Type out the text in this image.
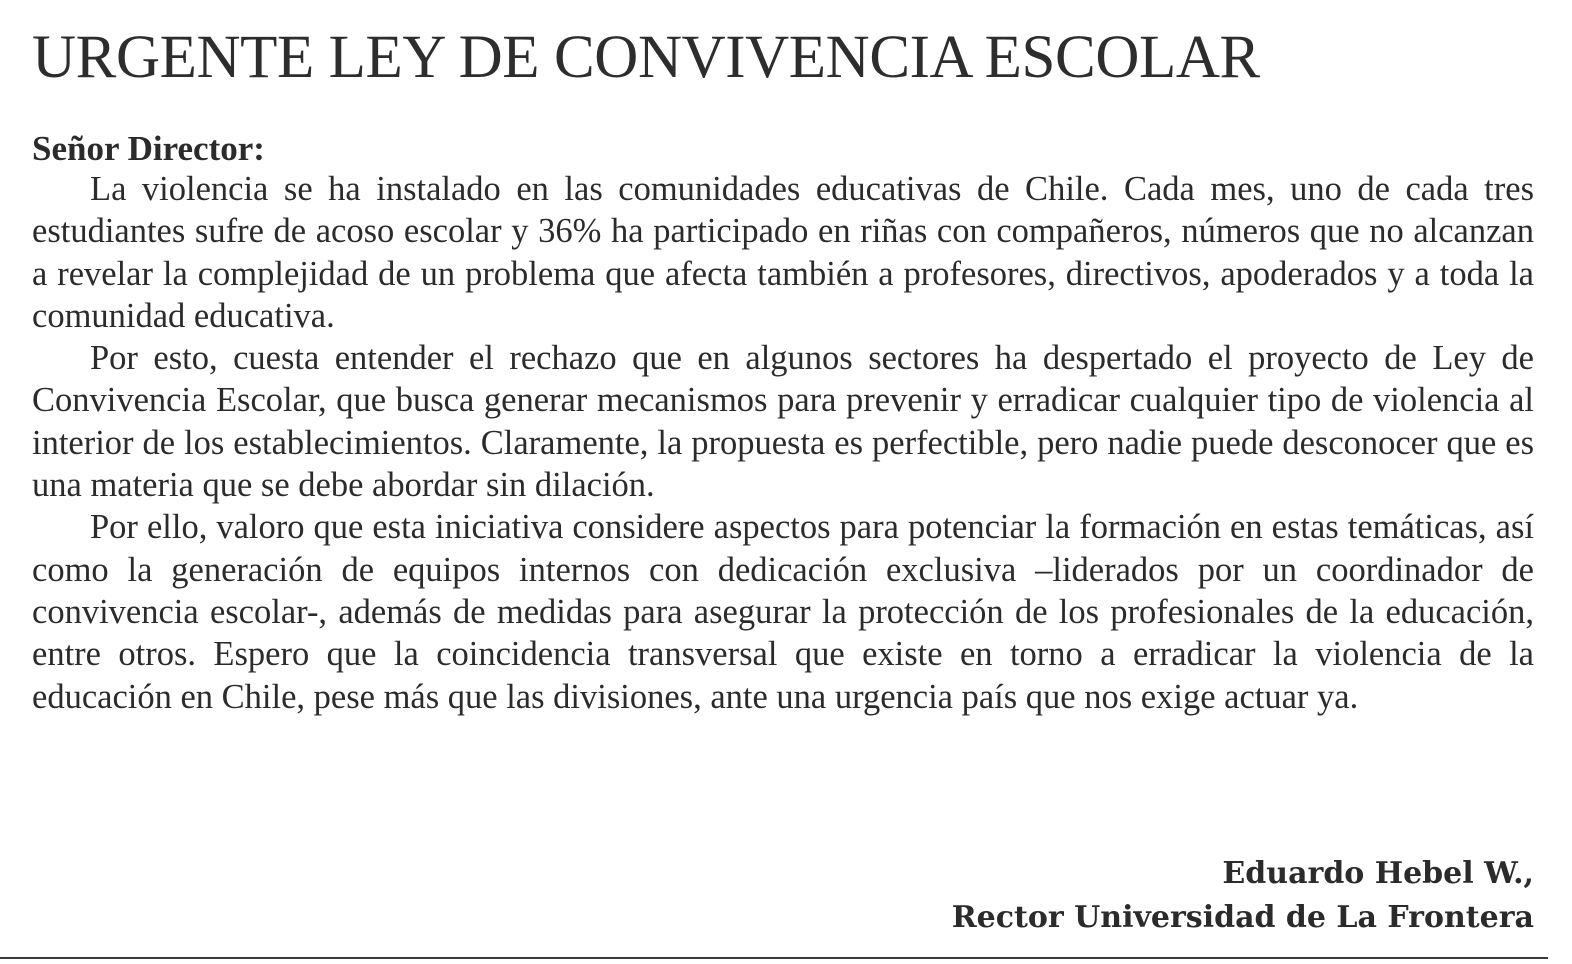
URGENTE LEY DE CONVIVENCIA ESCOLAR

Señor Director:

La violencia se ha instalado en las comunidades educativas de Chile. Cada mes, uno de cada tres estudiantes sufre de acoso escolar y 36% ha participado en riñas con compañeros, números que no alcanzan a revelar la complejidad de un problema que afecta también a profesores, directivos, apoderados y a toda la comunidad educativa.

Por esto, cuesta entender el rechazo que en algunos sectores ha despertado el proyecto de Ley de Convivencia Escolar, que busca generar mecanismos para prevenir y erradicar cualquier tipo de violencia al interior de los establecimientos. Claramente, la propuesta es perfectible, pero nadie puede desconocer que es una materia que se debe abordar sin dilación.

Por ello, valoro que esta iniciativa considere aspectos para potenciar la formación en estas temáticas, así como la generación de equipos internos con dedicación exclusiva –liderados por un coordinador de convivencia escolar-, además de medidas para asegurar la protección de los profesionales de la educación, entre otros. Espero que la coincidencia transversal que existe en torno a erradicar la violencia de la educación en Chile, pese más que las divisiones, ante una urgencia país que nos exige actuar ya.

Eduardo Hebel W.,
Rector Universidad de La Frontera
